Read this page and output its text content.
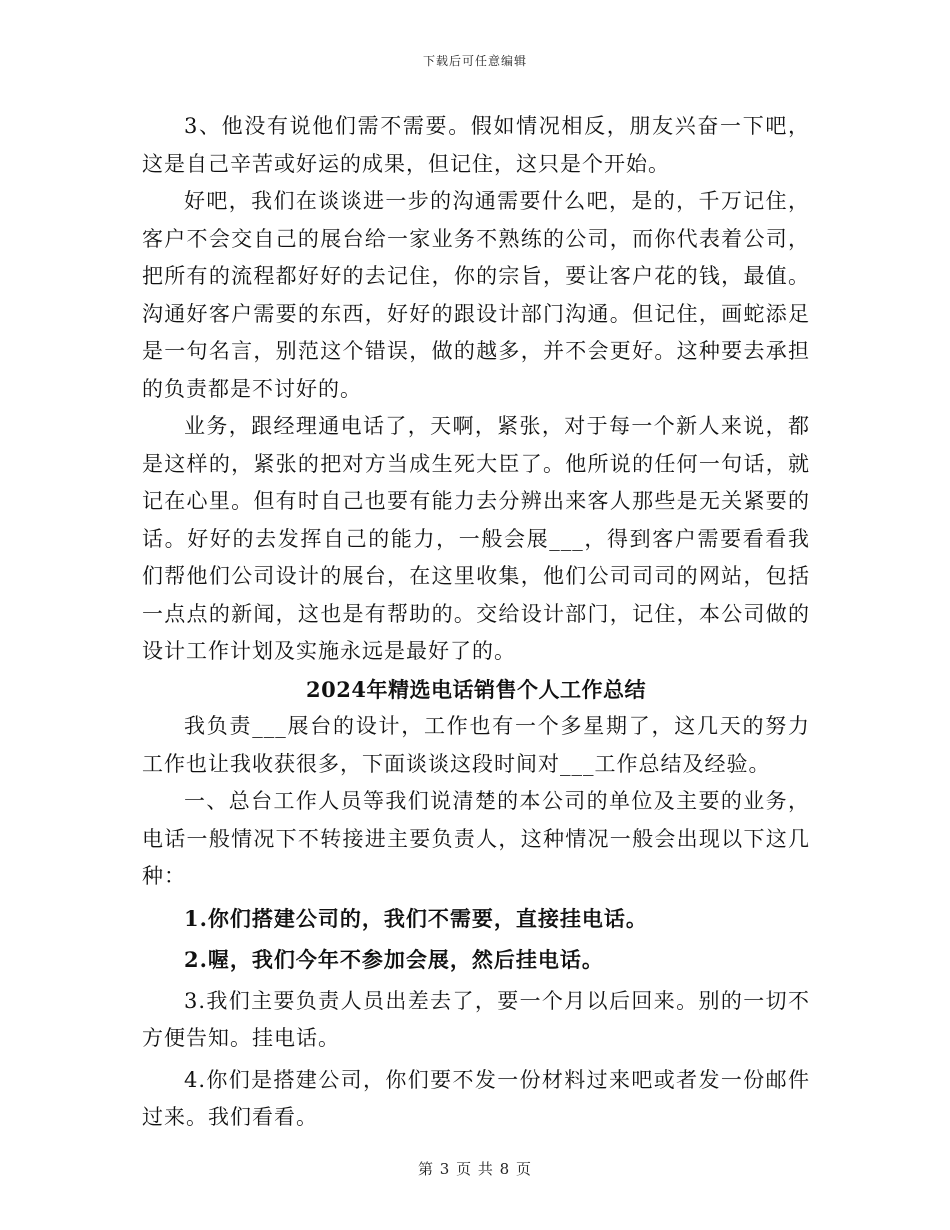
下载后可任意编辑

3、他没有说他们需不需要。假如情况相反，朋友兴奋一下吧，这是自己辛苦或好运的成果，但记住，这只是个开始。

好吧，我们在谈谈进一步的沟通需要什么吧，是的，千万记住，客户不会交自己的展台给一家业务不熟练的公司，而你代表着公司，把所有的流程都好好的去记住，你的宗旨，要让客户花的钱，最值。沟通好客户需要的东西，好好的跟设计部门沟通。但记住，画蛇添足是一句名言，别范这个错误，做的越多，并不会更好。这种要去承担的负责都是不讨好的。

业务，跟经理通电话了，天啊，紧张，对于每一个新人来说，都是这样的，紧张的把对方当成生死大臣了。他所说的任何一句话，就记在心里。但有时自己也要有能力去分辨出来客人那些是无关紧要的话。好好的去发挥自己的能力，一般会展___，得到客户需要看看我们帮他们公司设计的展台，在这里收集，他们公司司司的网站，包括一点点的新闻，这也是有帮助的。交给设计部门，记住，本公司做的设计工作计划及实施永远是最好了的。

2024年精选电话销售个人工作总结

我负责___展台的设计，工作也有一个多星期了，这几天的努力工作也让我收获很多，下面谈谈这段时间对___工作总结及经验。

一、总台工作人员等我们说清楚的本公司的单位及主要的业务，电话一般情况下不转接进主要负责人，这种情况一般会出现以下这几种：

1.你们搭建公司的，我们不需要，直接挂电话。

2.喔，我们今年不参加会展，然后挂电话。

3.我们主要负责人员出差去了，要一个月以后回来。别的一切不方便告知。挂电话。

4.你们是搭建公司，你们要不发一份材料过来吧或者发一份邮件过来。我们看看。

第 3 页 共 8 页
